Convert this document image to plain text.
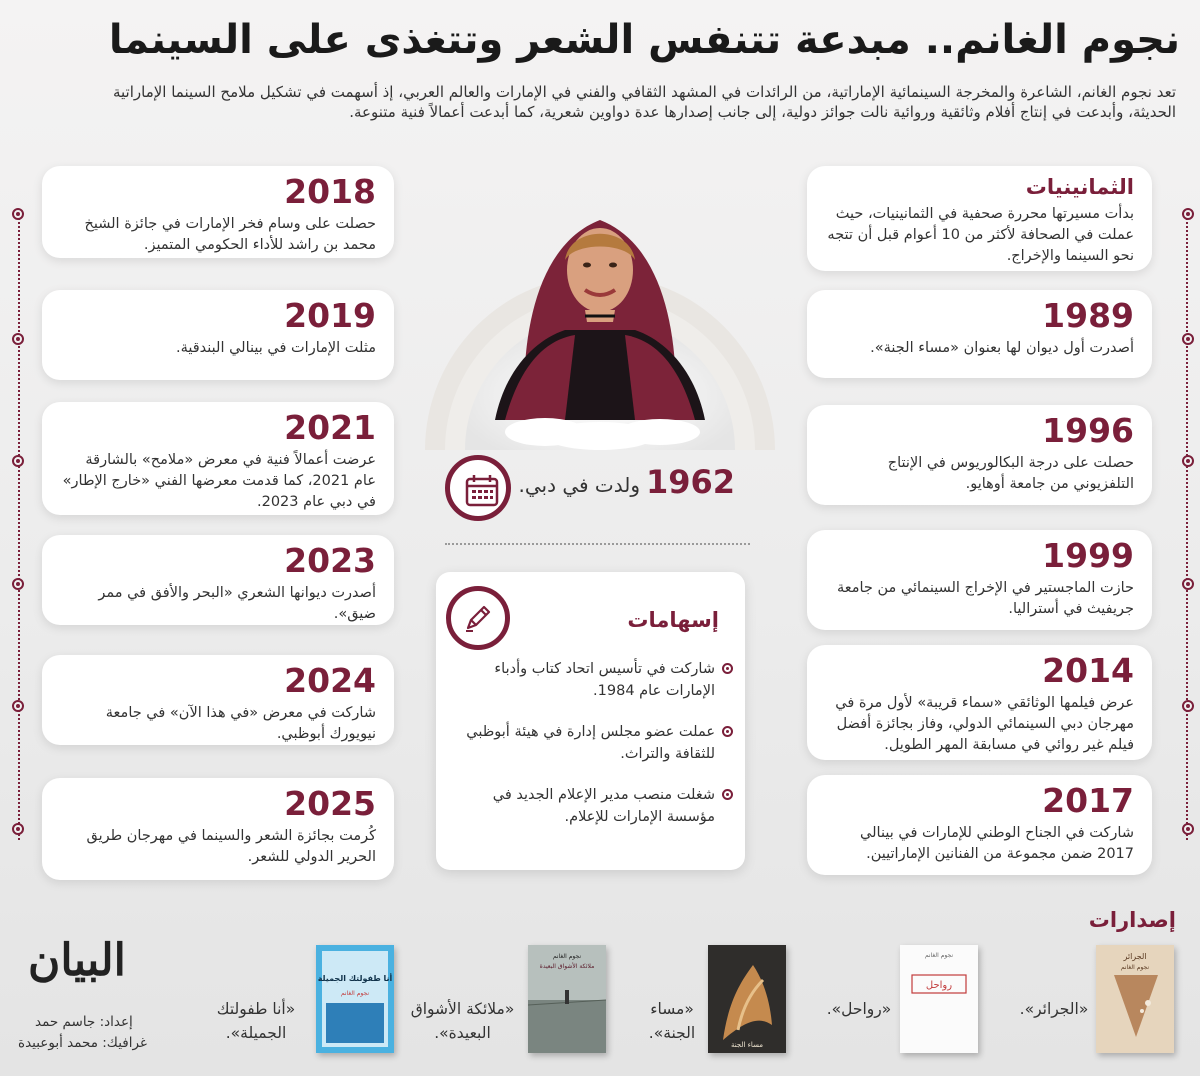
نجوم الغانم.. مبدعة تتنفس الشعر وتتغذى على السينما

تعد نجوم الغانم، الشاعرة والمخرجة السينمائية الإماراتية، من الرائدات في المشهد الثقافي والفني في الإمارات والعالم العربي، إذ أسهمت في تشكيل ملامح السينما الإماراتية الحديثة، وأبدعت في إنتاج أفلام وثائقية وروائية نالت جوائز دولية، إلى جانب إصدارها عدة دواوين شعرية، كما أبدعت أعمالاً فنية متنوعة.

الثمانينيات
بدأت مسيرتها محررة صحفية في الثمانينيات، حيث عملت في الصحافة لأكثر من 10 أعوام قبل أن تتجه نحو السينما والإخراج.
1989
أصدرت أول ديوان لها بعنوان «مساء الجنة».
1996
حصلت على درجة البكالوريوس في الإنتاج التلفزيوني من جامعة أوهايو.
1999
حازت الماجستير في الإخراج السينمائي من جامعة جريفيث في أستراليا.
2014
عرض فيلمها الوثائقي «سماء قريبة» لأول مرة في مهرجان دبي السينمائي الدولي، وفاز بجائزة أفضل فيلم غير روائي في مسابقة المهر الطويل.
2017
شاركت في الجناح الوطني للإمارات في بينالي 2017 ضمن مجموعة من الفنانين الإماراتيين.
2018
حصلت على وسام فخر الإمارات في جائزة الشيخ محمد بن راشد للأداء الحكومي المتميز.
2019
مثلت الإمارات في بينالي البندقية.
2021
عرضت أعمالاً فنية في معرض «ملامح» بالشارقة عام 2021، كما قدمت معرضها الفني «خارج الإطار» في دبي عام 2023.
2023
أصدرت ديوانها الشعري «البحر والأفق في ممر ضيق».
2024
شاركت في معرض «في هذا الآن» في جامعة نيويورك أبوظبي.
2025
كُرمت بجائزة الشعر والسينما في مهرجان طريق الحرير الدولي للشعر.
1962
ولدت في دبي.
إسهامات
شاركت في تأسيس اتحاد كتاب وأدباء الإمارات عام 1984.
عملت عضو مجلس إدارة في هيئة أبوظبي للثقافة والتراث.
شغلت منصب مدير الإعلام الجديد في مؤسسة الإمارات للإعلام.
إصدارات
الجرائر
نجوم الغانم
«الجرائر».
نجوم الغانم
رواحل
«رواحل».
مساء الجنة
«مساء الجنة».
نجوم الغانم
ملائكة الأشواق البعيدة
«ملائكة الأشواق البعيدة».
أنا طفولتك الجميلة
نجوم الغانم
«أنا طفولتك الجميلة».
البيان
إعداد: جاسم حمد
غرافيك: محمد أبوعبيدة
